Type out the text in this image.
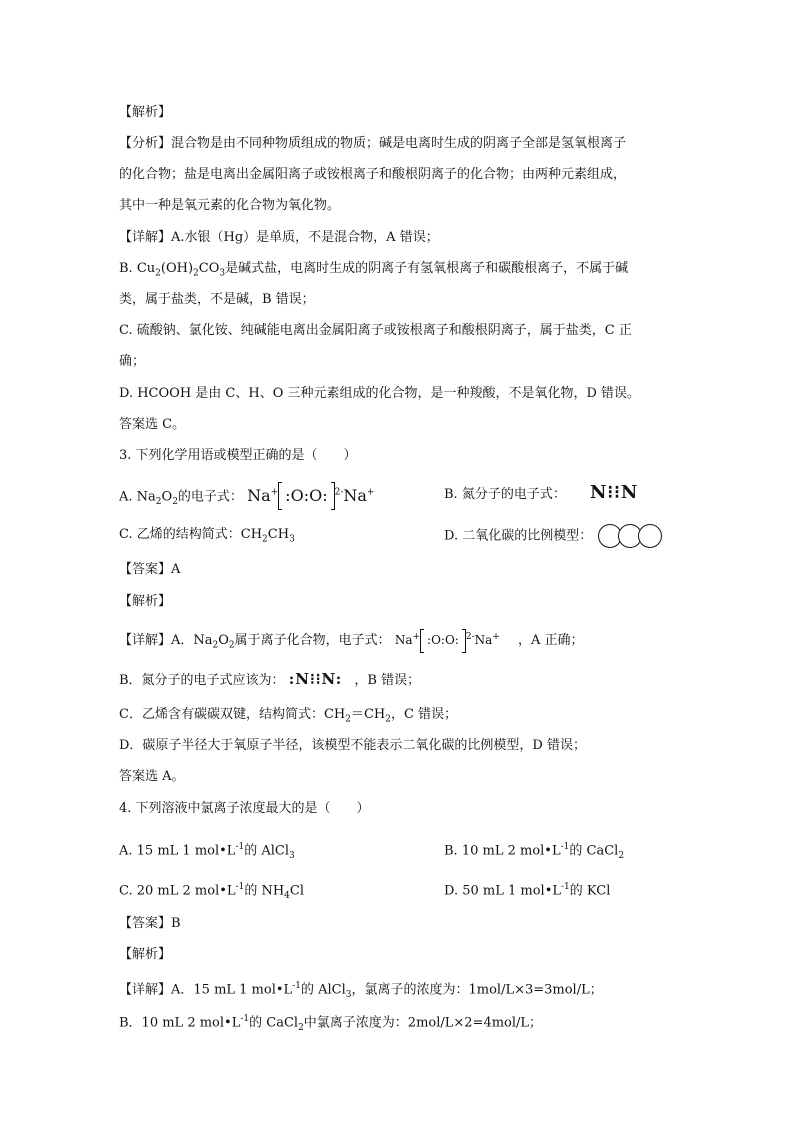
【解析】
【分析】混合物是由不同种物质组成的物质；碱是电离时生成的阴离子全部是氢氧根离子
的化合物；盐是电离出金属阳离子或铵根离子和酸根阴离子的化合物；由两种元素组成，
其中一种是氧元素的化合物为氧化物。
【详解】A.水银（Hg）是单质，不是混合物，A 错误；
B. $Cu_2(OH)_2CO_3$是碱式盐，电离时生成的阴离子有氢氧根离子和碳酸根离子，不属于碱
类，属于盐类，不是碱，B 错误；
C. 硫酸钠、氯化铵、纯碱能电离出金属阳离子或铵根离子和酸根阴离子，属于盐类，C 正
确；
D. HCOOH 是由 C、H、O 三种元素组成的化合物，是一种羧酸，不是氧化物，D 错误。
答案选 C。
3. 下列化学用语或模型正确的是（　　）
A. $Na_2O_2$的电子式： Na+ :O:O: $^{2-}$Na+	B. 氮分子的电子式： N⁝⁝N
C. 乙烯的结构简式：$CH_2CH_3$	D. 二氧化碳的比例模型：
【答案】A
【解析】
【详解】A．$Na_2O_2$属于离子化合物，电子式： Na+ :O:O: $^{2-}$Na+ ，A 正确；
B．氮分子的电子式应该为： :N⁝⁝N: ，B 错误；
C．乙烯含有碳碳双键，结构简式：$CH_2=CH_2$，C 错误；
D．碳原子半径大于氧原子半径，该模型不能表示二氧化碳的比例模型，D 错误；
答案选 A。
4. 下列溶液中氯离子浓度最大的是（　　）
A. 15 mL 1 $mol•L^{-1}$的 AlCl$_3$	B. 10 mL 2 $mol•L^{-1}$的 CaCl$_2$
C. 20 mL 2 $mol•L^{-1}$的 $NH_4Cl$	D. 50 mL 1 $mol•L^{-1}$的 KCl
【答案】B
【解析】
【详解】A．15 mL 1 $mol•L^{-1}$的 AlCl$_3$，氯离子的浓度为：1mol/L×3=3mol/L；
B．10 mL 2 $mol•L^{-1}$的 CaCl$_2$中氯离子浓度为：2mol/L×2=4mol/L；
